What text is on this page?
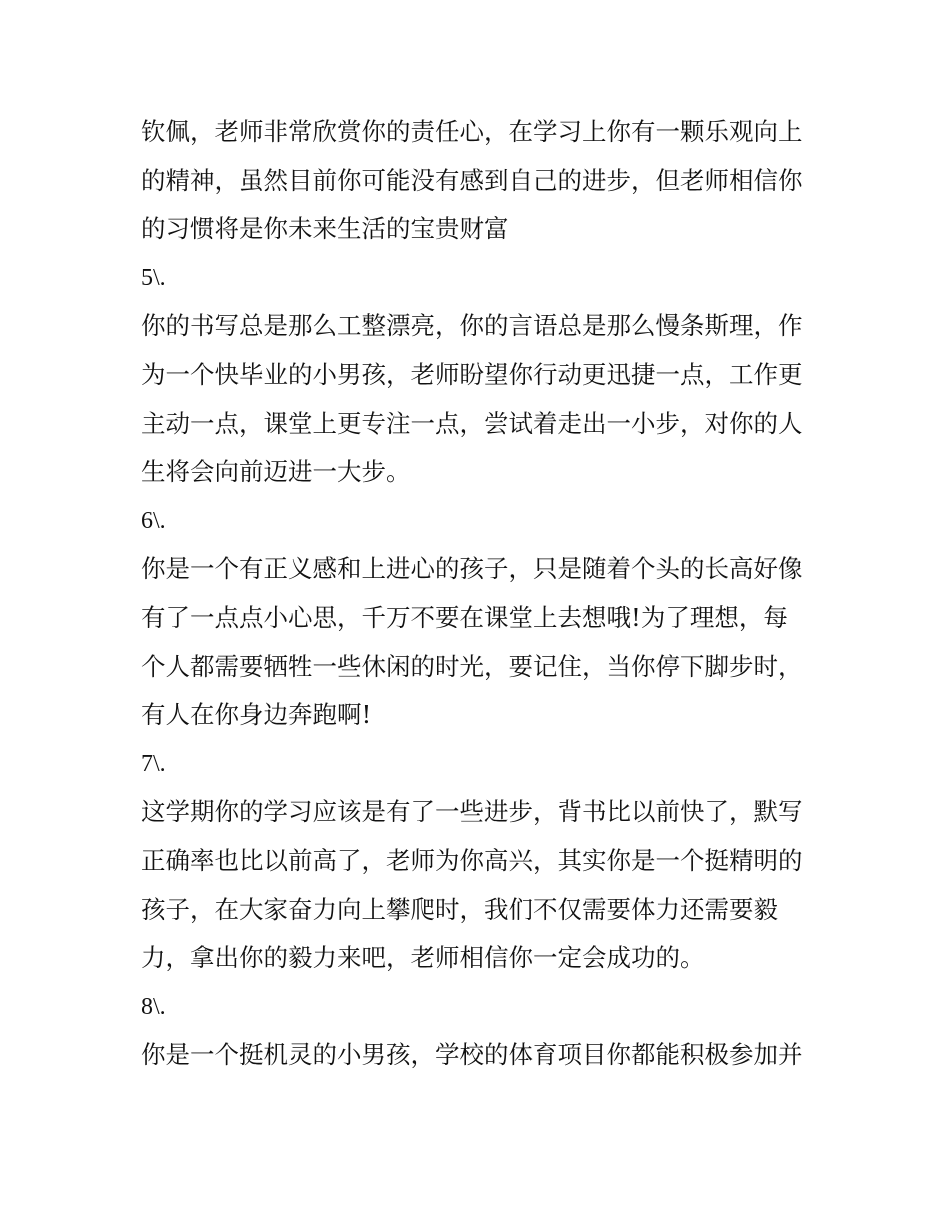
钦佩，老师非常欣赏你的责任心，在学习上你有一颗乐观向上
的精神，虽然目前你可能没有感到自己的进步，但老师相信你
的习惯将是你未来生活的宝贵财富
5\.
你的书写总是那么工整漂亮，你的言语总是那么慢条斯理，作
为一个快毕业的小男孩，老师盼望你行动更迅捷一点，工作更
主动一点，课堂上更专注一点，尝试着走出一小步，对你的人
生将会向前迈进一大步。
6\.
你是一个有正义感和上进心的孩子，只是随着个头的长高好像
有了一点点小心思，千万不要在课堂上去想哦!为了理想，每
个人都需要牺牲一些休闲的时光，要记住，当你停下脚步时，
有人在你身边奔跑啊!
7\.
这学期你的学习应该是有了一些进步，背书比以前快了，默写
正确率也比以前高了，老师为你高兴，其实你是一个挺精明的
孩子，在大家奋力向上攀爬时，我们不仅需要体力还需要毅
力，拿出你的毅力来吧，老师相信你一定会成功的。
8\.
你是一个挺机灵的小男孩，学校的体育项目你都能积极参加并
